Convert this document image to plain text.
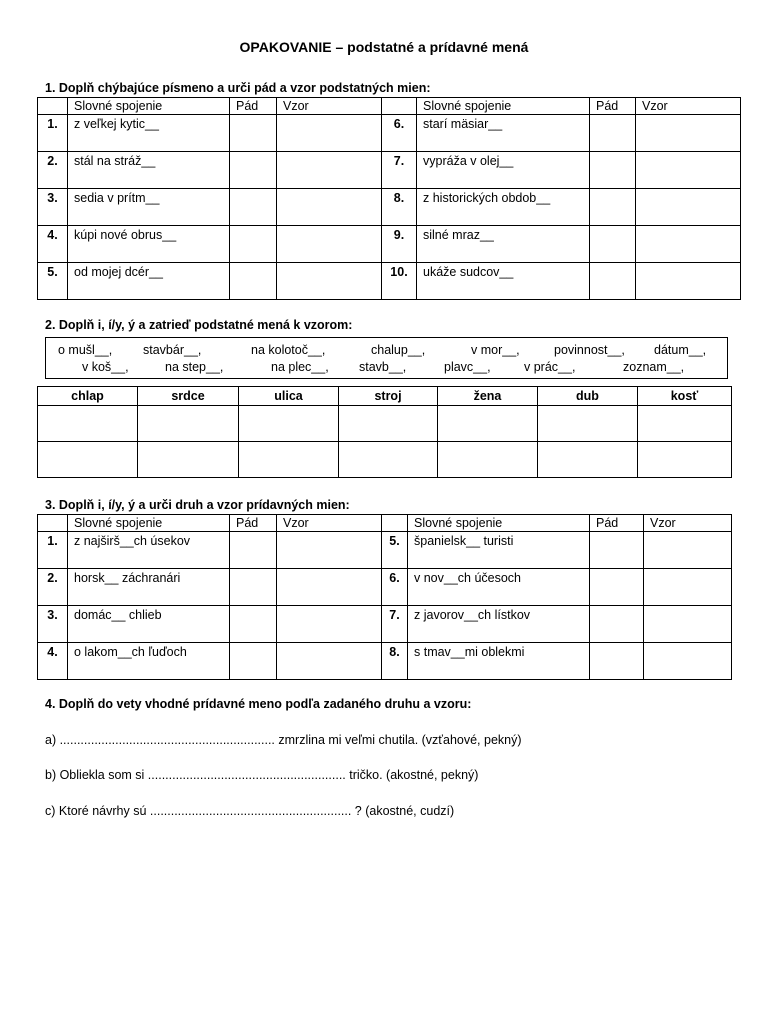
OPAKOVANIE – podstatné a prídavné mená
1. Doplň chýbajúce písmeno a urči pád a vzor podstatných mien:
	Slovné spojenie	Pád	Vzor		Slovné spojenie	Pád	Vzor
1.	z veľkej kytic__			6.	starí mäsiar__		
2.	stál na stráž__			7.	vypráža v olej__		
3.	sedia v prítm__			8.	z historických obdob__		
4.	kúpi nové obrus__			9.	silné mraz__		
5.	od mojej dcér__			10.	ukáže sudcov__		
2. Doplň i, í/y, ý a zatrieď podstatné mená k vzorom:
o mušl__, stavbár__,	na kolotoč__,	chalup__,	v mor__,	povinnost__, dátum__,
v koš__,	na step__,	na plec__, stavb__,	plavc__,	v prác__,	zoznam__,
chlap	srdce	ulica	stroj	žena	dub	kosť

3. Doplň i, í/y, ý a urči druh a vzor prídavných mien:
	Slovné spojenie	Pád	Vzor		Slovné spojenie	Pád	Vzor
1.	z najširš__ch úsekov			5.	španielsk__ turisti		
2.	horsk__ záchranári			6.	v nov__ch účesoch		
3.	domác__ chlieb			7.	z javorov__ch lístkov		
4.	o lakom__ch ľuďoch			8.	s tmav__mi oblekmi		
4. Doplň do vety vhodné prídavné meno podľa zadaného druhu a vzoru:
a) .............................................................. zmrzlina mi veľmi chutila. (vzťahové, pekný)
b) Obliekla som si ......................................................... tričko. (akostné, pekný)
c) Ktoré návrhy sú .......................................................... ? (akostné, cudzí)
